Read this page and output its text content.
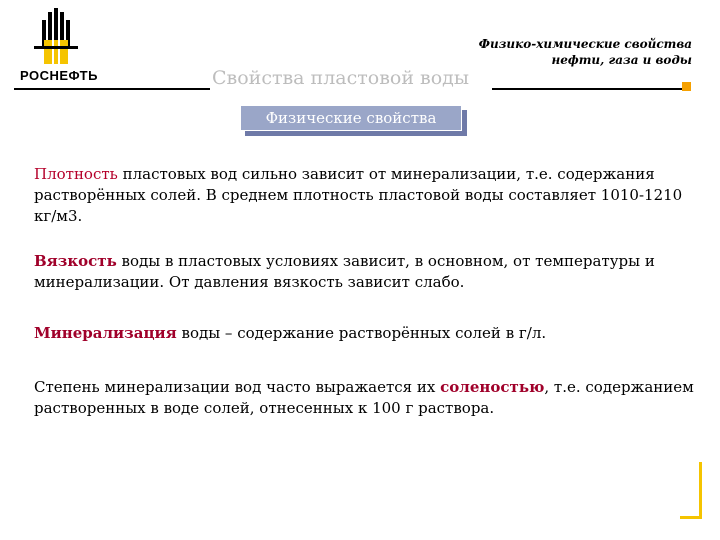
РОСНЕФТЬ
Физико-химические свойства
нефти, газа и воды
Свойства пластовой воды
Физические свойства
Плотность пластовых вод сильно зависит от минерализации, т.е. содержания растворённых солей. В среднем плотность пластовой воды составляет 1010-1210 кг/м3.
Вязкость воды в пластовых условиях зависит, в основном, от температуры и минерализации. От давления вязкость зависит слабо.
Минерализация воды – содержание растворённых солей в г/л.
Степень минерализации вод часто выражается их соленостью, т.е. содержанием растворенных в воде солей, отнесенных к 100 г раствора.
